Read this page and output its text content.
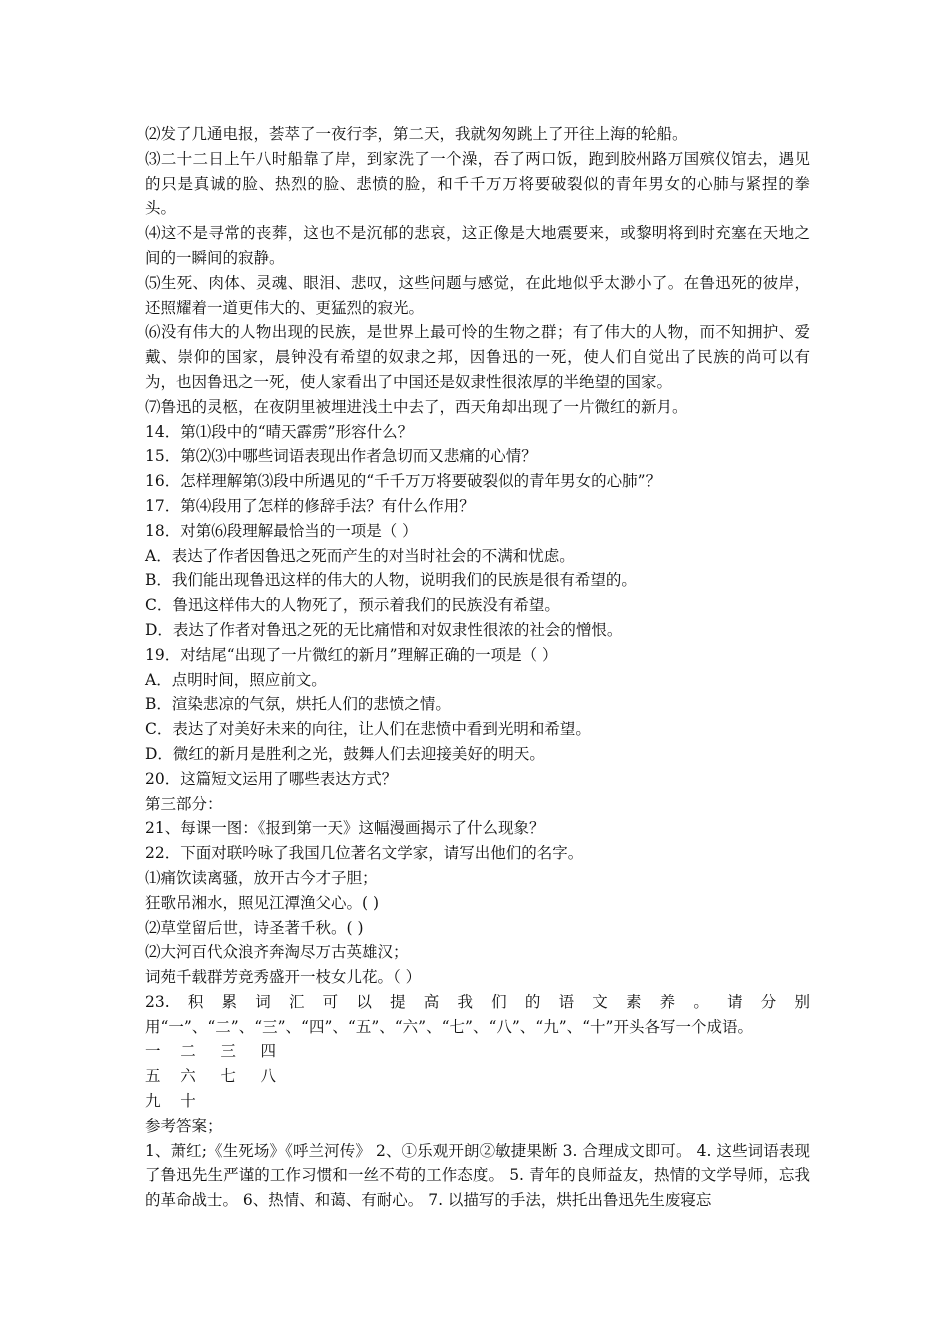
⑵发了几通电报，荟萃了一夜行李，第二天，我就匆匆跳上了开往上海的轮船。

⑶二十二日上午八时船靠了岸，到家洗了一个澡，吞了两口饭，跑到胶州路万国殡仪馆去，遇见的只是真诚的脸、热烈的脸、悲愤的脸，和千千万万将要破裂似的青年男女的心肺与紧捏的拳头。

⑷这不是寻常的丧葬，这也不是沉郁的悲哀，这正像是大地震要来，或黎明将到时充塞在天地之间的一瞬间的寂静。

⑸生死、肉体、灵魂、眼泪、悲叹，这些问题与感觉，在此地似乎太渺小了。在鲁迅死的彼岸，还照耀着一道更伟大的、更猛烈的寂光。

⑹没有伟大的人物出现的民族，是世界上最可怜的生物之群；有了伟大的人物，而不知拥护、爱戴、崇仰的国家，晨钟没有希望的奴隶之邦，因鲁迅的一死，使人们自觉出了民族的尚可以有为，也因鲁迅之一死，使人家看出了中国还是奴隶性很浓厚的半绝望的国家。

⑺鲁迅的灵柩，在夜阴里被埋进浅土中去了，西天角却出现了一片微红的新月。

14．第⑴段中的“晴天霹雳”形容什么？

15．第⑵⑶中哪些词语表现出作者急切而又悲痛的心情？

16．怎样理解第⑶段中所遇见的“千千万万将要破裂似的青年男女的心肺”？

17．第⑷段用了怎样的修辞手法？有什么作用？

18．对第⑹段理解最恰当的一项是（ ）

A．表达了作者因鲁迅之死而产生的对当时社会的不满和忧虑。

B．我们能出现鲁迅这样的伟大的人物，说明我们的民族是很有希望的。

C．鲁迅这样伟大的人物死了，预示着我们的民族没有希望。

D．表达了作者对鲁迅之死的无比痛惜和对奴隶性很浓的社会的憎恨。

19．对结尾“出现了一片微红的新月”理解正确的一项是（ ）

A．点明时间，照应前文。

B．渲染悲凉的气氛，烘托人们的悲愤之情。

C．表达了对美好未来的向往，让人们在悲愤中看到光明和希望。

D．微红的新月是胜利之光，鼓舞人们去迎接美好的明天。

20．这篇短文运用了哪些表达方式？

第三部分：

21、每课一图：《报到第一天》这幅漫画揭示了什么现象？

22．下面对联吟咏了我国几位著名文学家，请写出他们的名字。

⑴痛饮读离骚，放开古今才子胆；

狂歌吊湘水，照见江潭渔父心。( )

⑵草堂留后世，诗圣著千秋。( )

⑵大河百代众浪齐奔淘尽万古英雄汉；

词苑千载群芳竞秀盛开一枝女儿花。（ ）

23.积累词汇可以提高我们的语文素养。请分别用“一”、“二”、“三”、“四”、“五”、“六”、“七”、“八”、“九”、“十”开头各写一个成语。

一    二     三     四

五    六     七     八

九    十

参考答案；

1、萧红;《生死场》《呼兰河传》 2、①乐观开朗②敏捷果断 3. 合理成文即可。 4. 这些词语表现了鲁迅先生严谨的工作习惯和一丝不苟的工作态度。 5. 青年的良师益友，热情的文学导师，忘我的革命战士。 6、热情、和蔼、有耐心。 7. 以描写的手法，烘托出鲁迅先生废寝忘
